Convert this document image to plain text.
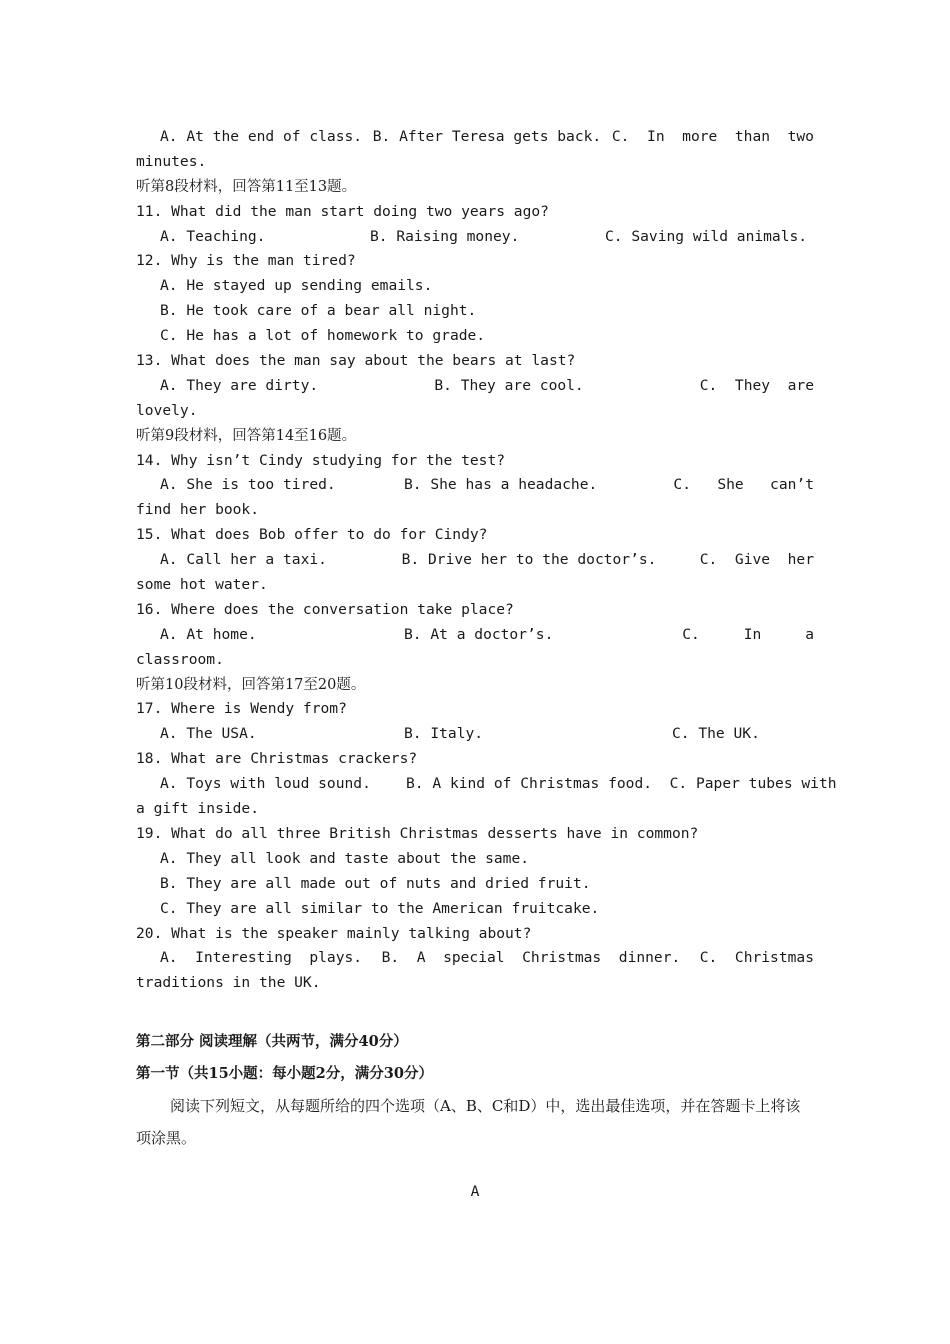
A. At the end of class. B. After Teresa gets back. C.  In  more  than  two
minutes.
听第8段材料，回答第11至13题。
11. What did the man start doing two years ago?
A. Teaching.	B. Raising money.	C. Saving wild animals.
12. Why is the man tired?
A. He stayed up sending emails.
B. He took care of a bear all night.
C. He has a lot of homework to grade.
13. What does the man say about the bears at last?
A. They are dirty.	B. They are cool.	C.  They  are
lovely.
听第9段材料，回答第14至16题。
14. Why isn’t Cindy studying for the test?
A. She is too tired.	B. She has a headache.	C.   She   can’t
find her book.
15. What does Bob offer to do for Cindy?
A. Call her a taxi.	B. Drive her to the doctor’s.	C.  Give  her
some hot water.
16. Where does the conversation take place?
A. At home.	B. At a doctor’s.	C.     In     a
classroom.
听第10段材料，回答第17至20题。
17. Where is Wendy from?
A. The USA.	B. Italy.	C. The UK.
18. What are Christmas crackers?
A. Toys with loud sound.    B. A kind of Christmas food.  C. Paper tubes with
a gift inside.
19. What do all three British Christmas desserts have in common?
A. They all look and taste about the same.
B. They are all made out of nuts and dried fruit.
C. They are all similar to the American fruitcake.
20. What is the speaker mainly talking about?
A.  Interesting  plays. B.  A  special  Christmas  dinner. C.  Christmas
traditions in the UK.
第二部分 阅读理解（共两节，满分40分）
第一节（共15小题：每小题2分，满分30分）
阅读下列短文，从每题所给的四个选项（A、B、C和D）中，选出最佳选项，并在答题卡上将该项涂黑。
A
